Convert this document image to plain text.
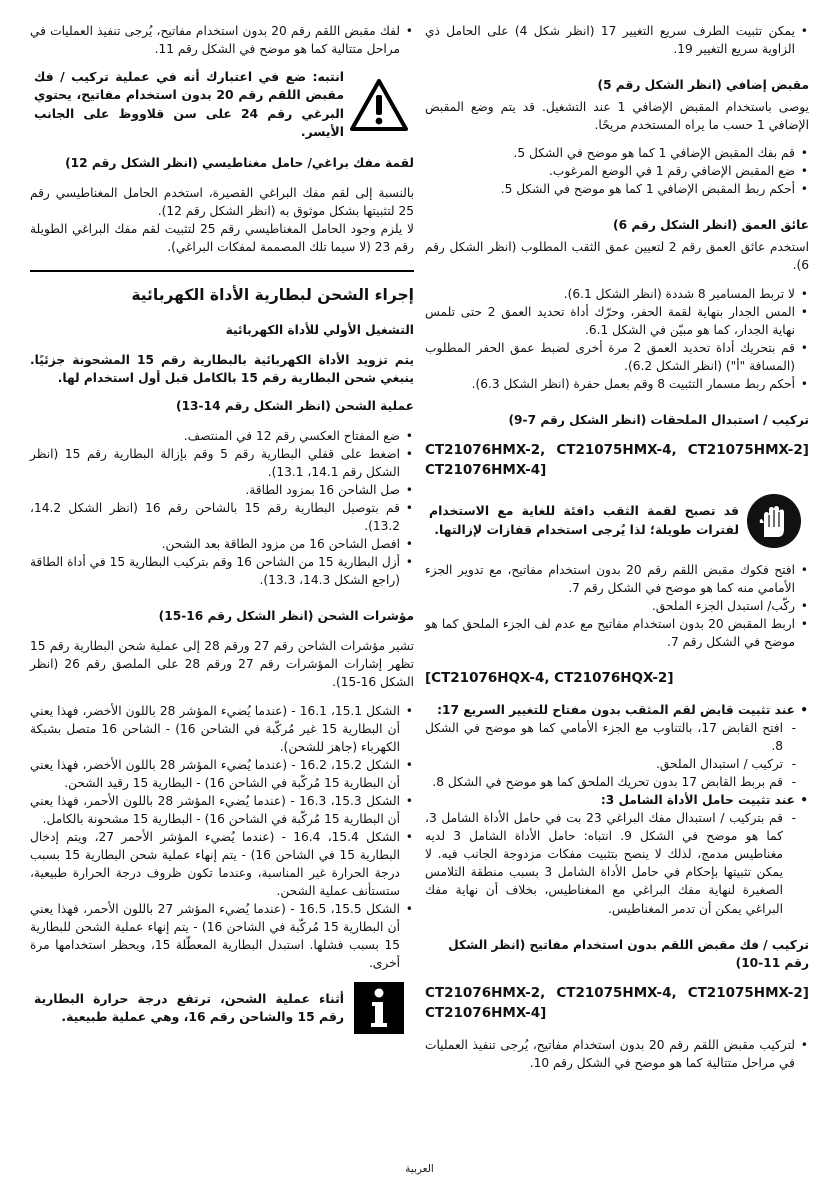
• يمكن تثبيت الطرف سريع التغيير 17 (انظر شكل 4) على الحامل ذي الزاوية سريع التغيير 19.
مقبض إضافي (انظر الشكل رقم 5)
يوصى باستخدام المقبض الإضافي 1 عند التشغيل. قد يتم وضع المقبض الإضافي 1 حسب ما يراه المستخدم مريحًا.
• قم بفك المقبض الإضافي 1 كما هو موضح في الشكل 5.
• ضع المقبض الإضافي رقم 1 في الوضع المرغوب.
• أحكم ربط المقبض الإضافي 1 كما هو موضح في الشكل 5.
عائق العمق (انظر الشكل رقم 6)
استخدم عائق العمق رقم 2 لتعيين عمق الثقب المطلوب (انظر الشكل رقم 6).
• لا تربط المسامير 8 شددة (انظر الشكل 6.1).
• المس الجدار بنهاية لقمة الحفر، وحرّك أداة تحديد العمق 2 حتى تلمس نهاية الجدار، كما هو مبيّن في الشكل 6.1.
• قم بتحريك أداة تحديد العمق 2 مرة أخرى لضبط عمق الحفر المطلوب (المسافة "أ") (انظر الشكل 6.2).
• أحكم ربط مسمار التثبيت 8 وقم بعمل حفرة (انظر الشكل 6.3).
تركيب / استبدال الملحقات (انظر الشكل رقم 7-9)
CT21076HMX-2, CT21075HMX-4, CT21075HMX-2]
CT21076HMX-4]
قد تصبح لقمة الثقب دافئة للغاية مع الاستخدام لفترات طويلة؛ لذا يُرجى استخدام قفازات لإزالتها.
• افتح فكوك مقبض اللقم رقم 20 بدون استخدام مفاتيح، مع تدوير الجزء الأمامي منه كما هو موضح في الشكل رقم 7.
• ركّب/ استبدل الجزء الملحق.
• اربط المقبض 20 بدون استخدام مفاتيح مع عدم لف الجزء الملحق كما هو موضح في الشكل رقم 7.
[CT21076HQX-4, CT21076HQX-2]
• عند تثبيت قابض لقم المثقب بدون مفتاح للتغيير السريع 17:
- افتح القابض 17، بالتناوب مع الجزء الأمامي كما هو موضح في الشكل 8.
- تركيب / استبدال الملحق.
- قم بربط القابض 17 بدون تحريك الملحق كما هو موضح في الشكل 8.
• عند تثبيت حامل الأداة الشامل 3:
- قم بتركيب / استبدال مفك البراغي 23 بت في حامل الأداة الشامل 3، كما هو موضح في الشكل 9. انتباه: حامل الأداة الشامل 3 لديه مغناطيس مدمج، لذلك لا ينصح بتثبيت مفكات مزدوجة الجانب فيه. لا يمكن تثبيتها بإحكام في حامل الأداة الشامل 3 بسبب منطقة التلامس الصغيرة لنهاية مفك البراغي مع المغناطيس، بخلاف أن نهاية مفك البراغي يمكن أن تدمر المغناطيس.
تركيب / فك مقبض اللقم بدون استخدام مفاتيح (انظر الشكل رقم 11-10)
CT21076HMX-2, CT21075HMX-4, CT21075HMX-2]
CT21076HMX-4]
• لتركيب مقبض اللقم رقم 20 بدون استخدام مفاتيح، يُرجى تنفيذ العمليات في مراحل متتالية كما هو موضح في الشكل رقم 10.
• لفك مقبض اللقم رقم 20 بدون استخدام مفاتيح، يُرجى تنفيذ العمليات في مراحل متتالية كما هو موضح في الشكل رقم 11.
انتبه: ضع في اعتبارك أنه في عملية تركيب / فك مقبض اللقم رقم 20 بدون استخدام مفاتيح، يحتوي البرغي رقم 24 على سن قلاووظ على الجانب الأيسر.
لقمة مفك براغي/ حامل مغناطيسي (انظر الشكل رقم 12)
بالنسبة إلى لقم مفك البراغي القصيرة، استخدم الحامل المغناطيسي رقم 25 لتثبيتها بشكل موثوق به (انظر الشكل رقم 12).
لا يلزم وجود الحامل المغناطيسي رقم 25 لتثبيت لقم مفك البراغي الطويلة رقم 23 (لا سيما تلك المصممة لمفكات البراغي).
إجراء الشحن لبطارية الأداة الكهربائية
التشغيل الأولي للأداة الكهربائية
يتم تزويد الأداة الكهربائية بالبطارية رقم 15 المشحونة جزئيًا. ينبغي شحن البطارية رقم 15 بالكامل قبل أول استخدام لها.
عملية الشحن (انظر الشكل رقم 14-13)
• ضع المفتاح العكسي رقم 12 في المنتصف.
• اضغط على قفلي البطارية رقم 5 وقم بإزالة البطارية رقم 15 (انظر الشكل رقم 14.1، 13.1).
• صل الشاحن 16 بمزود الطاقة.
• قم بتوصيل البطارية رقم 15 بالشاحن رقم 16 (انظر الشكل 14.2، 13.2).
• افصل الشاحن 16 من مزود الطاقة بعد الشحن.
• أزل البطارية 15 من الشاحن 16 وقم بتركيب البطارية 15 في أداة الطاقة (راجع الشكل 14.3، 13.3).
مؤشرات الشحن (انظر الشكل رقم 16-15)
تشير مؤشرات الشاحن رقم 27 ورقم 28 إلى عملية شحن البطارية رقم 15 تظهر إشارات المؤشرات رقم 27 ورقم 28 على الملصق رقم 26 (انظر الشكل 16-15).
• الشكل 15.1، 16.1 - (عندما يُضيء المؤشر 28 باللون الأخضر، فهذا يعني أن البطارية 15 غير مُركّبة في الشاحن 16) - الشاحن 16 متصل بشبكة الكهرباء (جاهز للشحن).
• الشكل 15.2، 16.2 - (عندما يُضيء المؤشر 28 باللون الأخضر، فهذا يعني أن البطارية 15 مُركّبة في الشاحن 16) - البطارية 15 رقيد الشحن.
• الشكل 15.3، 16.3 - (عندما يُضيء المؤشر 28 باللون الأحمر، فهذا يعني أن البطارية 15 مُركّبة في الشاحن 16) - البطارية 15 مشحونة بالكامل.
• الشكل 15.4، 16.4 - (عندما يُضيء المؤشر الأحمر 27، ويتم إدخال البطارية 15 في الشاحن 16) - يتم إنهاء عملية شحن البطارية 15 بسبب درجة الحرارة غير المناسبة، وعندما تكون ظروف درجة الحرارة طبيعية، ستستأنف عملية الشحن.
• الشكل 15.5، 16.5 - (عندما يُضيء المؤشر 27 باللون الأحمر، فهذا يعني أن البطارية 15 مُركّبة في الشاحن 16) - يتم إنهاء عملية الشحن للبطارية 15 بسبب فشلها. استبدل البطارية المعطّلة 15، ويحظر استخدامها مرة أخرى.
أثناء عملية الشحن، ترتفع درجة حرارة البطارية رقم 15 والشاحن رقم 16، وهي عملية طبيعية.
العربية
